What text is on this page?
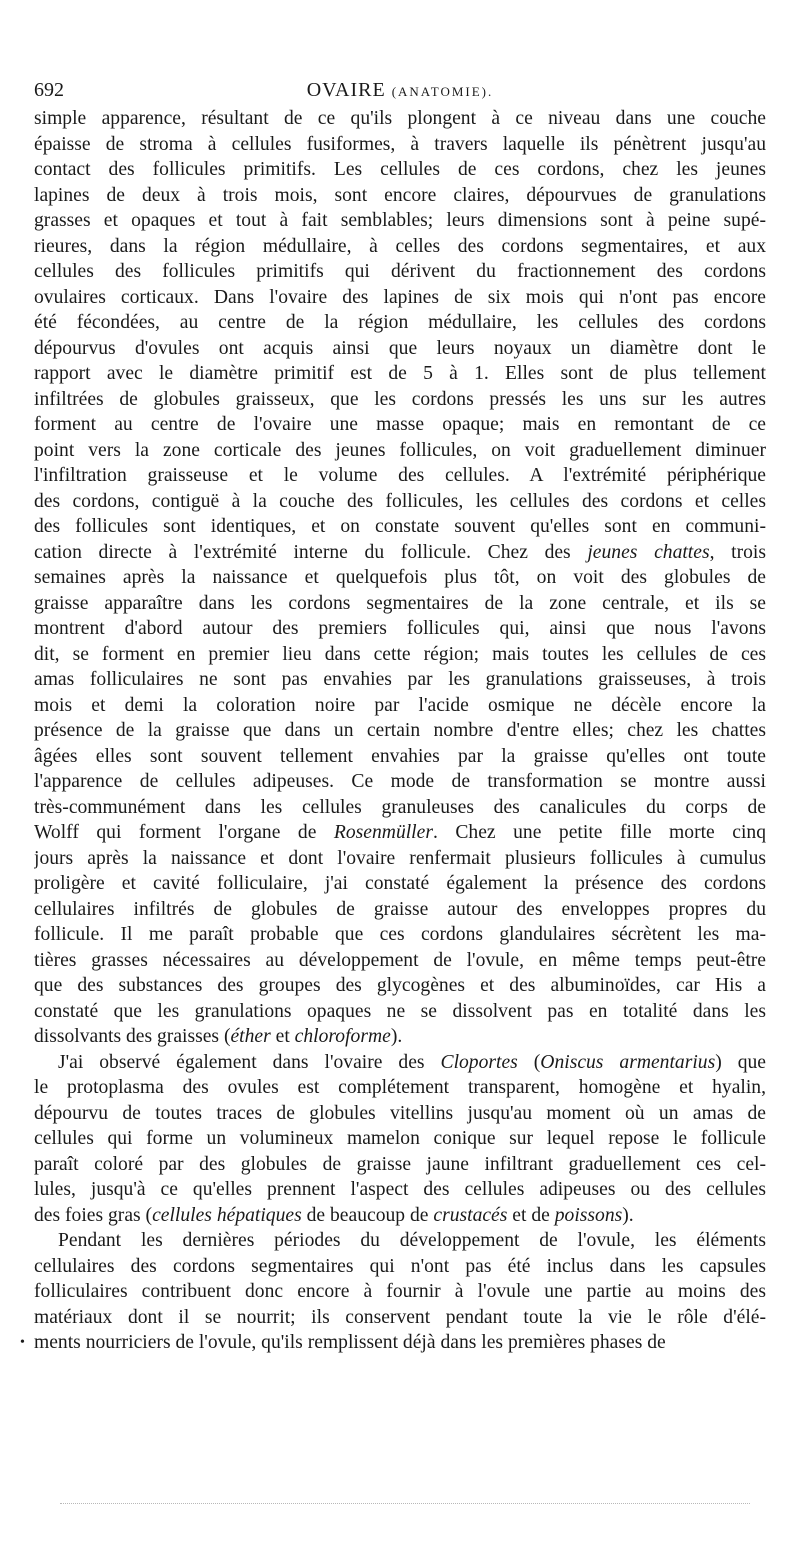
692	OVAIRE (ANATOMIE).
simple apparence, résultant de ce qu'ils plongent à ce niveau dans une couche
épaisse de stroma à cellules fusiformes, à travers laquelle ils pénètrent jusqu'au
contact des follicules primitifs. Les cellules de ces cordons, chez les jeunes
lapines de deux à trois mois, sont encore claires, dépourvues de granulations
grasses et opaques et tout à fait semblables; leurs dimensions sont à peine supé-
rieures, dans la région médullaire, à celles des cordons segmentaires, et aux
cellules des follicules primitifs qui dérivent du fractionnement des cordons
ovulaires corticaux. Dans l'ovaire des lapines de six mois qui n'ont pas encore
été fécondées, au centre de la région médullaire, les cellules des cordons
dépourvus d'ovules ont acquis ainsi que leurs noyaux un diamètre dont le
rapport avec le diamètre primitif est de 5 à 1. Elles sont de plus tellement
infiltrées de globules graisseux, que les cordons pressés les uns sur les autres
forment au centre de l'ovaire une masse opaque; mais en remontant de ce
point vers la zone corticale des jeunes follicules, on voit graduellement diminuer
l'infiltration graisseuse et le volume des cellules. A l'extrémité périphérique
des cordons, contiguë à la couche des follicules, les cellules des cordons et celles
des follicules sont identiques, et on constate souvent qu'elles sont en communi-
cation directe à l'extrémité interne du follicule. Chez des jeunes chattes, trois
semaines après la naissance et quelquefois plus tôt, on voit des globules de
graisse apparaître dans les cordons segmentaires de la zone centrale, et ils se
montrent d'abord autour des premiers follicules qui, ainsi que nous l'avons
dit, se forment en premier lieu dans cette région; mais toutes les cellules de ces
amas folliculaires ne sont pas envahies par les granulations graisseuses, à trois
mois et demi la coloration noire par l'acide osmique ne décèle encore la
présence de la graisse que dans un certain nombre d'entre elles; chez les chattes
âgées elles sont souvent tellement envahies par la graisse qu'elles ont toute
l'apparence de cellules adipeuses. Ce mode de transformation se montre aussi
très-communément dans les cellules granuleuses des canalicules du corps de
Wolff qui forment l'organe de Rosenmüller. Chez une petite fille morte cinq
jours après la naissance et dont l'ovaire renfermait plusieurs follicules à cumulus
proligère et cavité folliculaire, j'ai constaté également la présence des cordons
cellulaires infiltrés de globules de graisse autour des enveloppes propres du
follicule. Il me paraît probable que ces cordons glandulaires sécrètent les ma-
tières grasses nécessaires au développement de l'ovule, en même temps peut-être
que des substances des groupes des glycogènes et des albuminoïdes, car His a
constaté que les granulations opaques ne se dissolvent pas en totalité dans les
dissolvants des graisses (éther et chloroforme).
J'ai observé également dans l'ovaire des Cloportes (Oniscus armentarius) que
le protoplasma des ovules est complétement transparent, homogène et hyalin,
dépourvu de toutes traces de globules vitellins jusqu'au moment où un amas de
cellules qui forme un volumineux mamelon conique sur lequel repose le follicule
paraît coloré par des globules de graisse jaune infiltrant graduellement ces cel-
lules, jusqu'à ce qu'elles prennent l'aspect des cellules adipeuses ou des cellules
des foies gras (cellules hépatiques de beaucoup de crustacés et de poissons).
Pendant les dernières périodes du développement de l'ovule, les éléments
cellulaires des cordons segmentaires qui n'ont pas été inclus dans les capsules
folliculaires contribuent donc encore à fournir à l'ovule une partie au moins des
matériaux dont il se nourrit; ils conservent pendant toute la vie le rôle d'élé-
• ments nourriciers de l'ovule, qu'ils remplissent déjà dans les premières phases de
